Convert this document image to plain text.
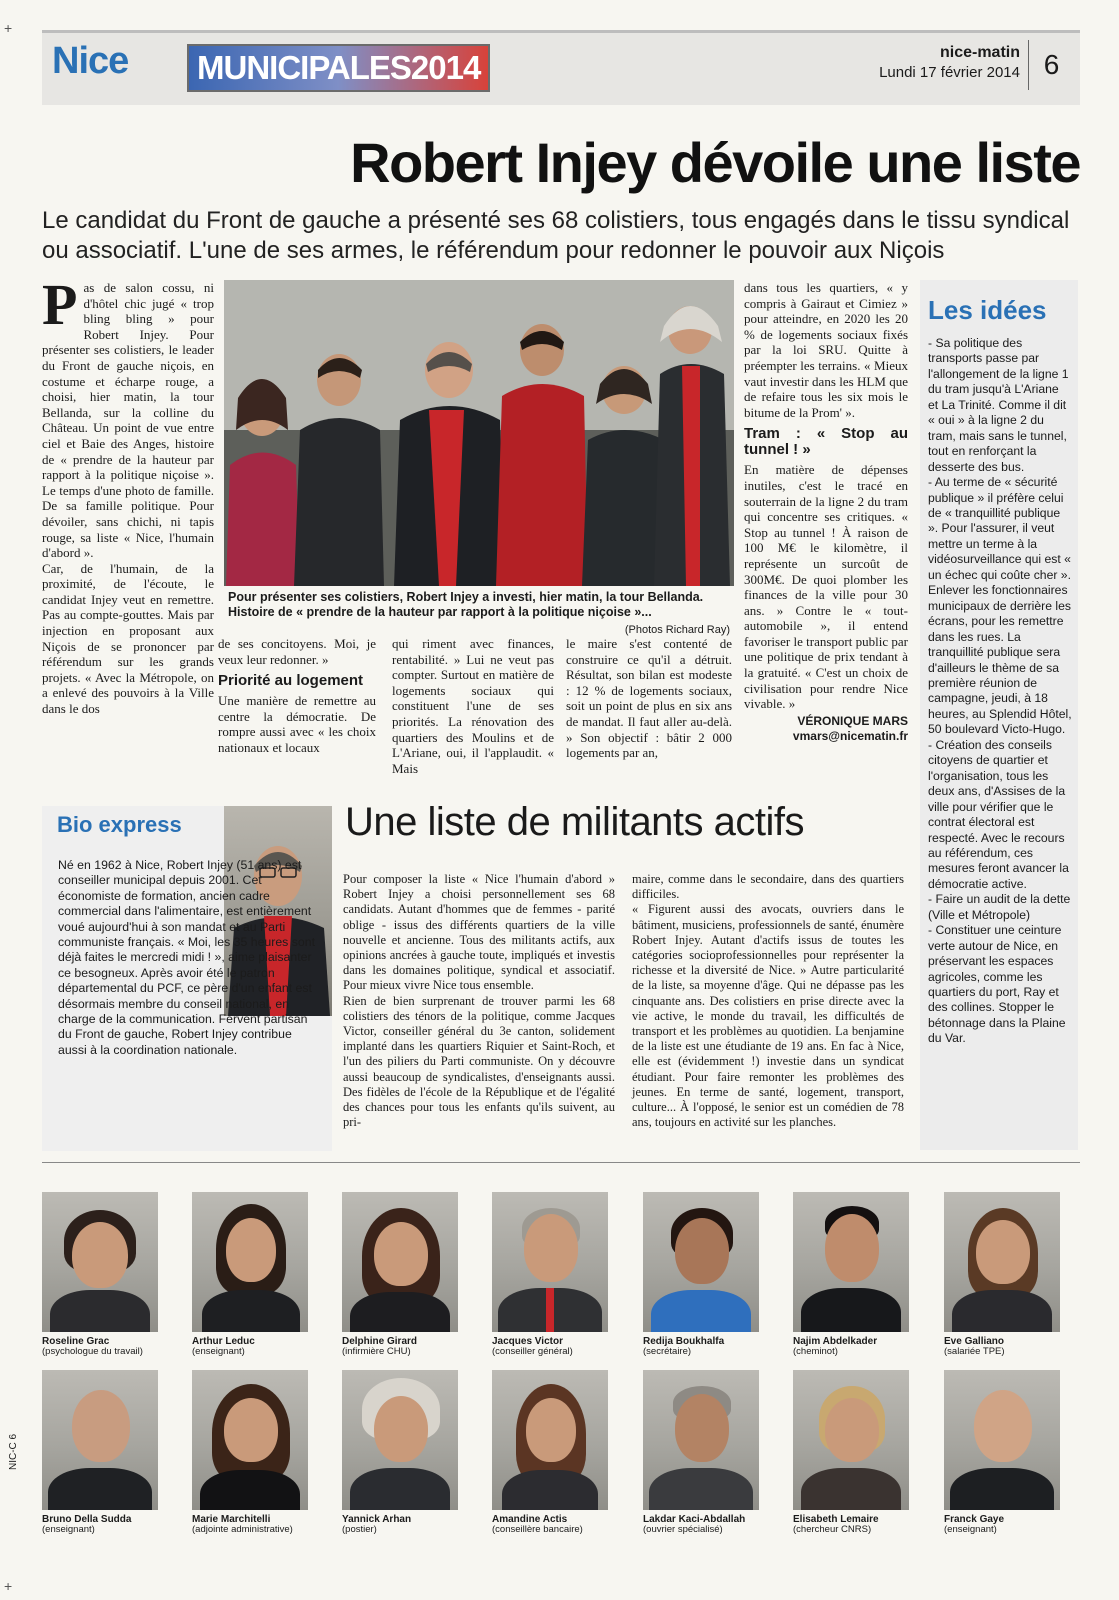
+
+
Nice	MUNICIPALES2014	nice-matin
Lundi 17 février 2014 6
Robert Injey dévoile une liste
Le candidat du Front de gauche a présenté ses 68 colistiers, tous engagés dans le tissu syndical
ou associatif. L'une de ses armes, le référendum pour redonner le pouvoir aux Niçois
P as de salon cossu, ni d'hôtel chic jugé « trop bling bling » pour Robert Injey. Pour présenter ses colistiers, le leader du Front de gauche niçois, en costume et écharpe rouge, a choisi, hier matin, la tour Bellanda, sur la colline du Château. Un point de vue entre ciel et Baie des Anges, histoire de « prendre de la hauteur par rapport à la politique niçoise ». Le temps d'une photo de famille. De sa famille politique. Pour dévoiler, sans chichi, ni tapis rouge, sa liste « Nice, l'humain d'abord ».

Car, de l'humain, de la proximité, de l'écoute, le candidat Injey veut en remettre. Pas au compte-gouttes. Mais par injection en proposant aux Niçois de se prononcer par référendum sur les grands projets. « Avec la Métropole, on a enlevé des pouvoirs à la Ville dans le dos

Pour présenter ses colistiers, Robert Injey a investi, hier matin, la tour Bellanda. Histoire de « prendre de la hauteur par rapport à la politique niçoise »...
(Photos Richard Ray)

de ses concitoyens. Moi, je veux leur redonner. »

Priorité au logement

Une manière de remettre au centre la démocratie. De rompre aussi avec « les choix nationaux et locaux

qui riment avec finances, rentabilité. » Lui ne veut pas compter. Surtout en matière de logements sociaux qui constituent l'une de ses priorités. La rénovation des quartiers des Moulins et de L'Ariane, oui, il l'applaudit. « Mais

le maire s'est contenté de construire ce qu'il a détruit. Résultat, son bilan est modeste : 12 % de logements sociaux, soit un point de plus en six ans de mandat. Il faut aller au-delà. » Son objectif : bâtir 2 000 logements par an,

dans tous les quartiers, « y compris à Gairaut et Cimiez » pour atteindre, en 2020 les 20 % de logements sociaux fixés par la loi SRU. Quitte à préempter les terrains. « Mieux vaut investir dans les HLM que de refaire tous les six mois le bitume de la Prom' ».

Tram : « Stop au tunnel ! »

En matière de dépenses inutiles, c'est le tracé en souterrain de la ligne 2 du tram qui concentre ses critiques. « Stop au tunnel ! À raison de 100 M€ le kilomètre, il représente un surcoût de 300M€. De quoi plomber les finances de la ville pour 30 ans. » Contre le « tout-automobile », il entend favoriser le transport public par une politique de prix tendant à la gratuité. « C'est un choix de civilisation pour rendre Nice vivable. »

VÉRONIQUE MARS

vmars@nicematin.fr

Les idées

- Sa politique des transports passe par l'allongement de la ligne 1 du tram jusqu'à L'Ariane et La Trinité. Comme il dit « oui » à la ligne 2 du tram, mais sans le tunnel, tout en renforçant la desserte des bus.

- Au terme de « sécurité publique » il préfère celui de « tranquillité publique ». Pour l'assurer, il veut mettre un terme à la vidéosurveillance qui est « un échec qui coûte cher ». Enlever les fonctionnaires municipaux de derrière les écrans, pour les remettre dans les rues. La tranquillité publique sera d'ailleurs le thème de sa première réunion de campagne, jeudi, à 18 heures, au Splendid Hôtel, 50 boulevard Victo-Hugo.

- Création des conseils citoyens de quartier et l'organisation, tous les deux ans, d'Assises de la ville pour vérifier que le contrat électoral est respecté. Avec le recours au référendum, ces mesures feront avancer la démocratie active.

- Faire un audit de la dette (Ville et Métropole)

- Constituer une ceinture verte autour de Nice, en préservant les espaces agricoles, comme les quartiers du port, Ray et des collines. Stopper le bétonnage dans la Plaine du Var.

Bio express
Né en 1962 à Nice, Robert Injey (51 ans) est conseiller municipal depuis 2001. Cet économiste de formation, ancien cadre commercial dans l'alimentaire, est entièrement voué aujourd'hui à son mandat et au Parti communiste français. « Moi, les 35 heures sont déjà faites le mercredi midi ! », aime plaisanter ce besogneux. Après avoir été le patron départemental du PCF, ce père d'un enfant est désormais membre du conseil national, en charge de la communication. Fervent partisan du Front de gauche, Robert Injey contribue aussi à la coordination nationale.
Une liste de militants actifs

Pour composer la liste « Nice l'humain d'abord » Robert Injey a choisi personnellement ses 68 candidats. Autant d'hommes que de femmes - parité oblige - issus des différents quartiers de la ville nouvelle et ancienne. Tous des militants actifs, aux opinions ancrées à gauche toute, impliqués et investis dans les domaines politique, syndical et associatif. Pour mieux vivre Nice tous ensemble.

Rien de bien surprenant de trouver parmi les 68 colistiers des ténors de la politique, comme Jacques Victor, conseiller général du 3e canton, solidement implanté dans les quartiers Riquier et Saint-Roch, et l'un des piliers du Parti communiste. On y découvre aussi beaucoup de syndicalistes, d'enseignants aussi. Des fidèles de l'école de la République et de l'égalité des chances pour tous les enfants qu'ils suivent, au pri-

maire, comme dans le secondaire, dans des quartiers difficiles.

« Figurent aussi des avocats, ouvriers dans le bâtiment, musiciens, professionnels de santé, énumère Robert Injey. Autant d'actifs issus de toutes les catégories socioprofessionnelles pour représenter la richesse et la diversité de Nice. » Autre particularité de la liste, sa moyenne d'âge. Qui ne dépasse pas les cinquante ans. Des colistiers en prise directe avec la vie active, le monde du travail, les difficultés de transport et les problèmes au quotidien. La benjamine de la liste est une étudiante de 19 ans. En fac à Nice, elle est (évidemment !) investie dans un syndicat étudiant. Pour faire remonter les problèmes des jeunes. En terme de santé, logement, transport, culture... À l'opposé, le senior est un comédien de 78 ans, toujours en activité sur les planches.

Roseline Grac
(psychologue du travail)
Arthur Leduc
(enseignant)
Delphine Girard
(infirmière CHU)
Jacques Victor
(conseiller général)
Redija Boukhalfa
(secrétaire)
Najim Abdelkader
(cheminot)
Eve Galliano
(salariée TPE)
Bruno Della Sudda
(enseignant)
Marie Marchitelli
(adjointe administrative)
Yannick Arhan
(postier)
Amandine Actis
(conseillère bancaire)
Lakdar Kaci-Abdallah
(ouvrier spécialisé)
Elisabeth Lemaire
(chercheur CNRS)
Franck Gaye
(enseignant)
NIC-C 6
